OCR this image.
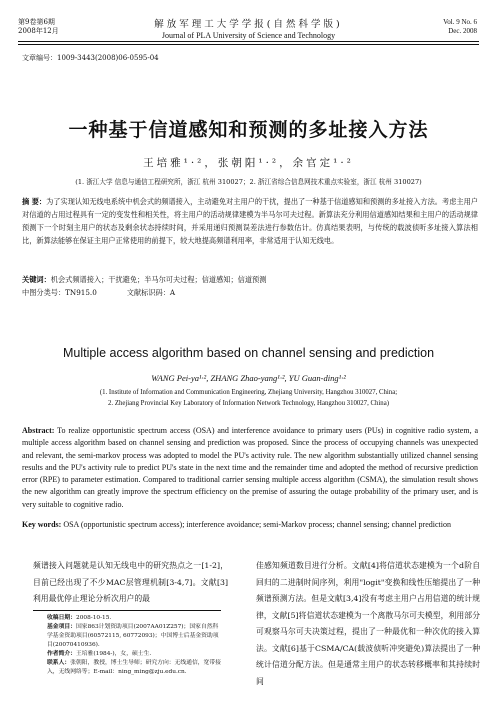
第9卷第6期
2008年12月
解放军理工大学学报(自然科学版)
Journal of PLA University of Science and Technology
Vol. 9 No. 6
Dec. 2008
文章编号：1009-3443(2008)06-0595-04
一种基于信道感知和预测的多址接入方法
王培雅¹·²，张朝阳¹·²，余官定¹·²
(1. 浙江大学 信息与通信工程研究所，浙江 杭州 310027；2. 浙江省综合信息网技术重点实验室，浙江 杭州 310027)
摘 要：为了实现认知无线电系统中机会式的频谱接入，主动避免对主用户的干扰，提出了一种基于信道感知和预测的多址接入方法。考虑主用户对信道的占用过程具有一定的变发性和相关性，将主用户的活动规律建模为半马尔可夫过程。新算法充分利用信道感知结果和主用户的活动规律预测下一个时刻主用户的状态及剩余状态持续时间，并采用递归预测误差法进行参数估计。仿真结果表明，与传统的载波侦听多址接入算法相比，新算法能够在保证主用户正常使用的前提下，较大地提高频谱利用率，非常适用于认知无线电。
关键词：机会式频谱接入；干扰避免；半马尔可夫过程；信道感知；信道预测
中图分类号：TN915.0	文献标识码：A
Multiple access algorithm based on channel sensing and prediction
WANG Pei-ya¹·², ZHANG Zhao-yang¹·², YU Guan-ding¹·²
(1. Institute of Information and Communication Engineering, Zhejiang University, Hangzhou 310027, China;
2. Zhejiang Provincial Key Laboratory of Information Network Technology, Hangzhou 310027, China)
Abstract: To realize opportunistic spectrum access (OSA) and interference avoidance to primary users (PUs) in cognitive radio system, a multiple access algorithm based on channel sensing and prediction was proposed. Since the process of occupying channels was unexpected and relevant, the semi-markov process was adopted to model the PU's activity rule. The new algorithm substantially utilized channel sensing results and the PU's activity rule to predict PU's state in the next time and the remainder time and adopted the method of recursive prediction error (RPE) to parameter estimation. Compared to traditional carrier sensing multiple access algorithm (CSMA), the simulation result shows the new algorithm can greatly improve the spectrum efficiency on the premise of assuring the outage probability of the primary user, and is very suitable to cognitive radio.
Key words: OSA (opportunistic spectrum access); interference avoidance; semi-Markov process; channel sensing; channel prediction
频谱接入问题就是认知无线电中的研究热点之一[1-2]，目前已经出现了不少MAC层管理机制[3-4,7]。文献[3]利用最优停止理论分析次用户的最
佳感知频道数目进行分析。文献[4]将信道状态建模为一个d阶自回归的二进制时间序列，利用"logit"变换和线性压缩提出了一种频谱预测方法。但是文献[3,4]没有考虑主用户占用信道的统计规律，文献[5]将信道状态建模为一个离散马尔可夫模型，利用部分可观察马尔可夫决策过程，提出了一种最优和一种次优的接入算法。文献[6]基于CSMA/CA(载波侦听冲突避免)算法提出了一种统计信道分配方法。但是通常主用户的状态转移概率和其持续时间
收稿日期：2008-10-15.
基金项目：国家863计划资助项目(2007AA01Z257)；国家自然科学基金资助项目(60572115, 60772093)；中国博士后基金资助项目(20070410936).
作者简介：王培雅(1984-)，女，硕士生.
联系人：张朝阳，教授，博士生导师；研究方向：无线通信，宽带接入，无线网络等；E-mail：ning_ming@zju.edu.cn.
